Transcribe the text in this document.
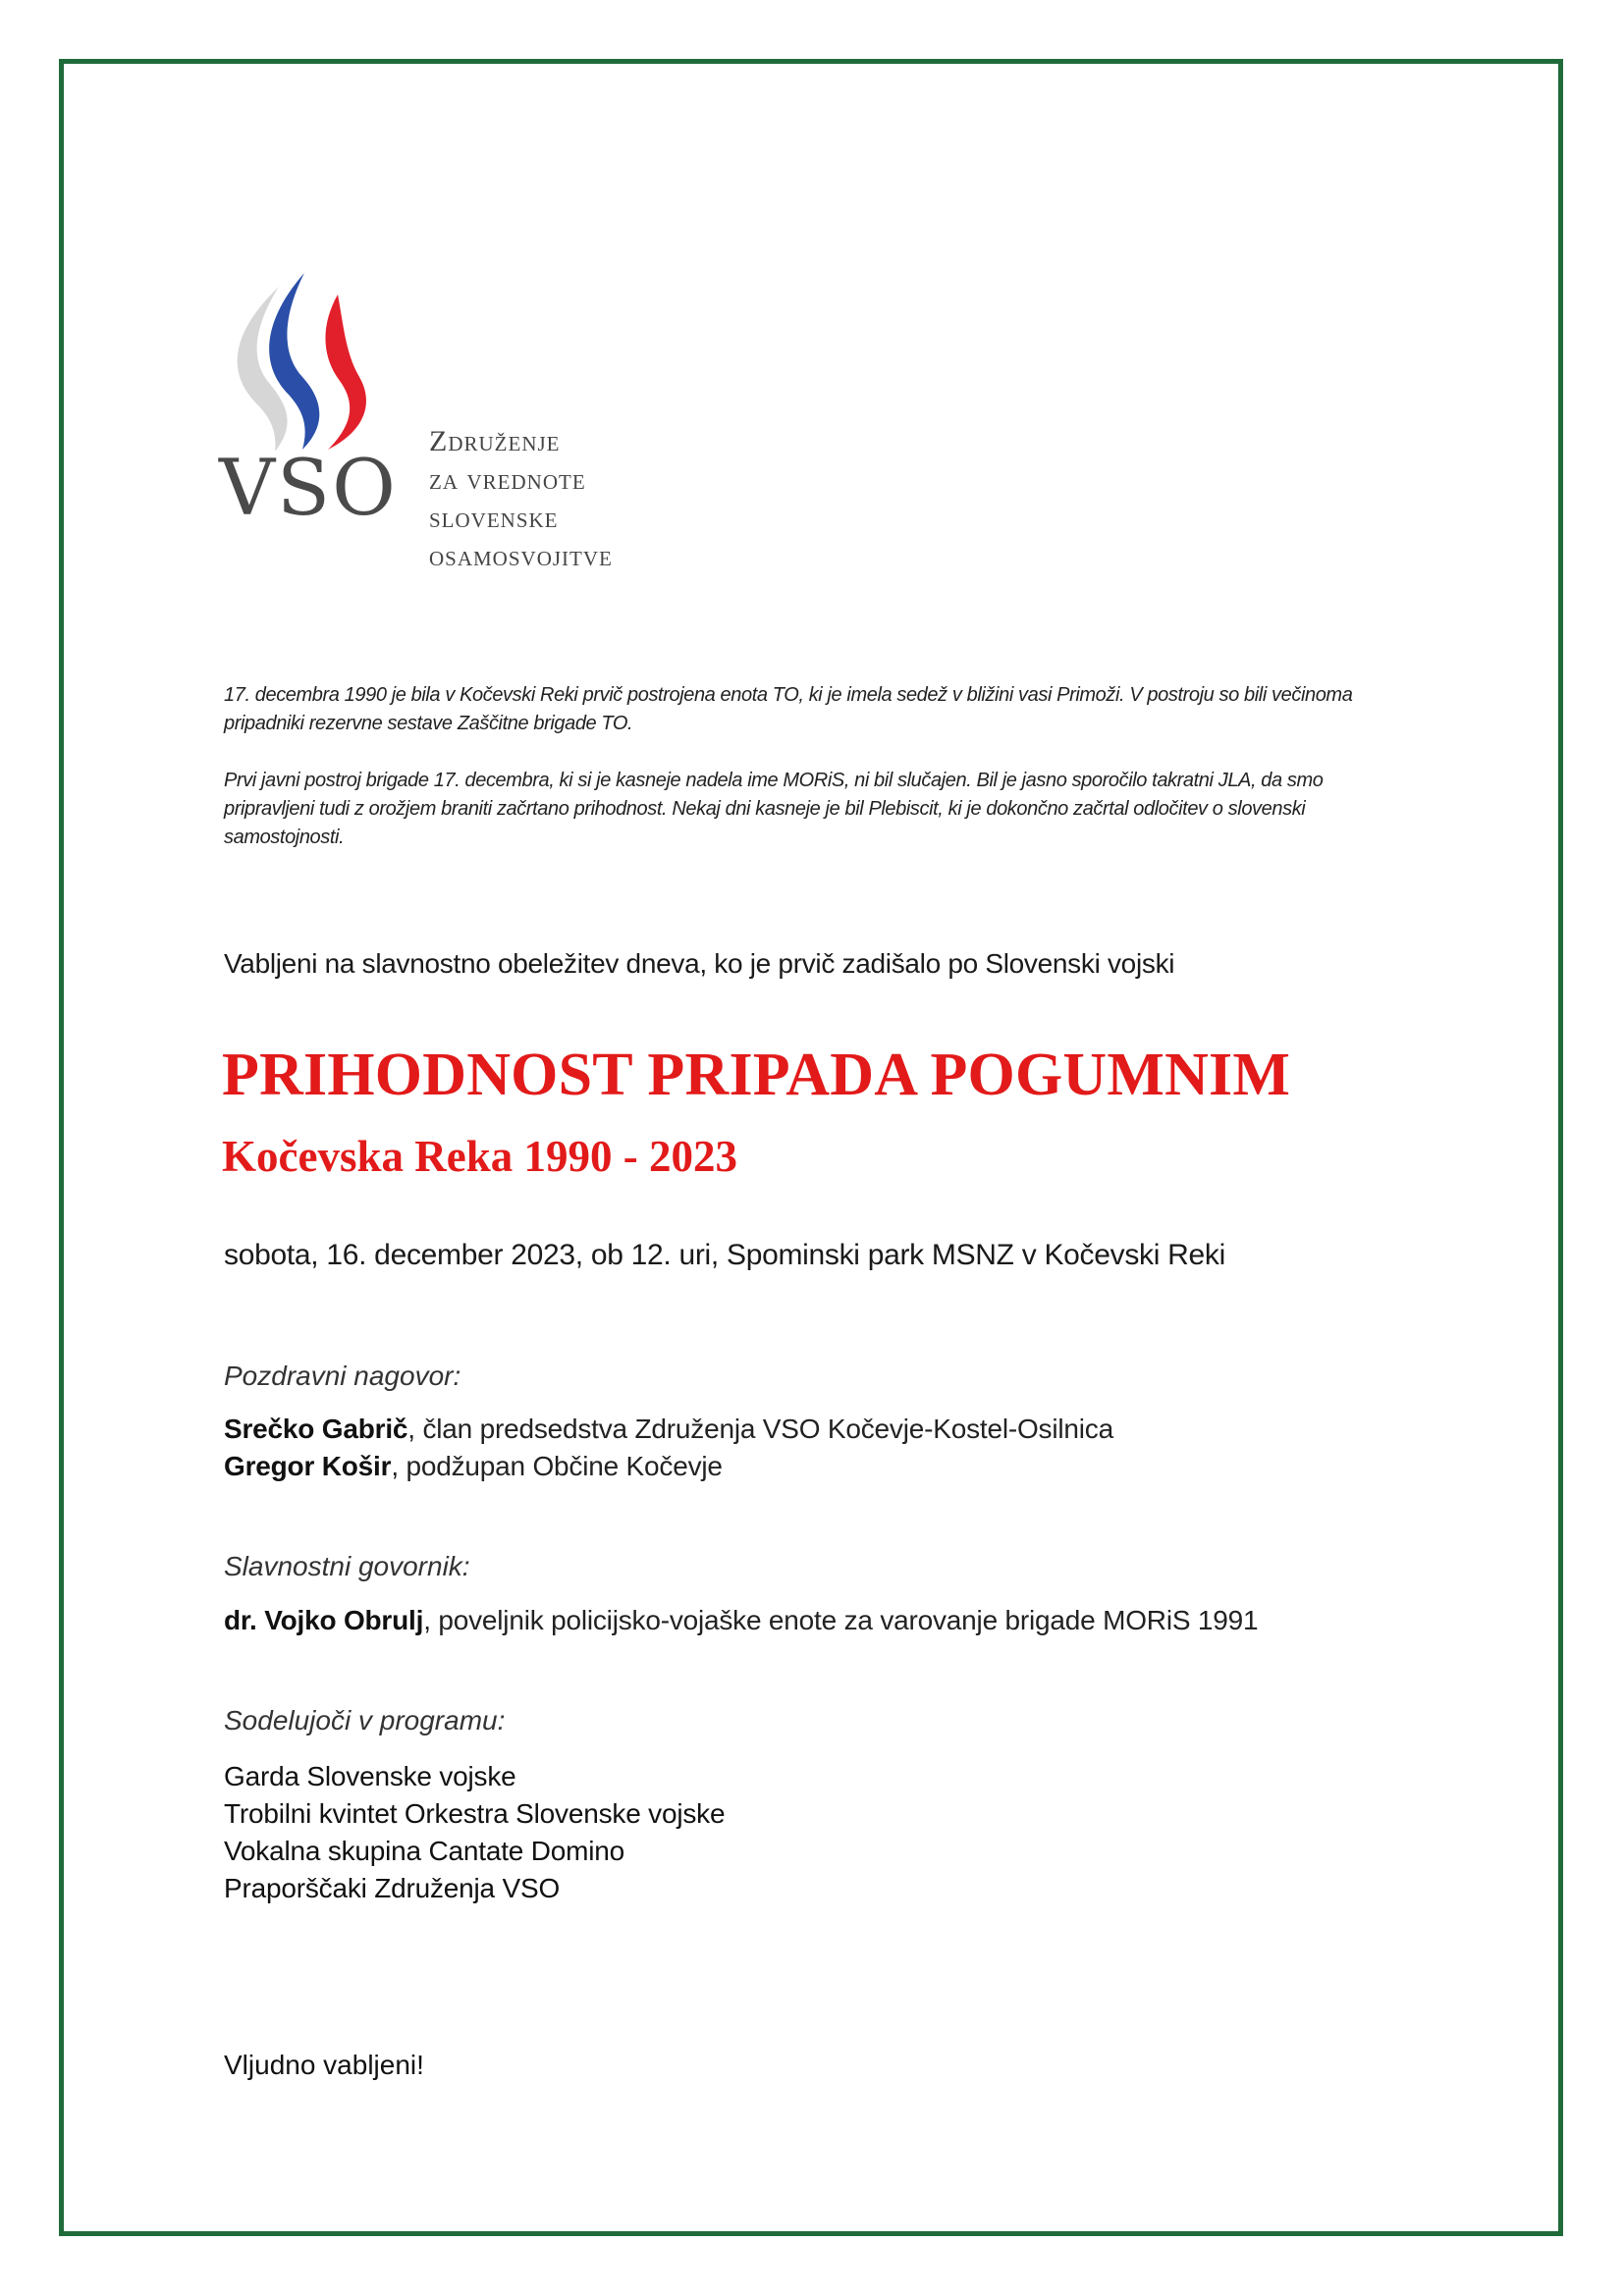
VSO
Združenje
za vrednote
slovenske
osamosvojitve

17. decembra 1990 je bila v Kočevski Reki prvič postrojena enota TO, ki je imela sedež v bližini vasi Primoži. V postroju so bili večinoma pripadniki rezervne sestave Zaščitne brigade TO.

Prvi javni postroj brigade 17. decembra, ki si je kasneje nadela ime MORiS, ni bil slučajen. Bil je jasno sporočilo takratni JLA, da smo pripravljeni tudi z orožjem braniti začrtano prihodnost. Nekaj dni kasneje je bil Plebiscit, ki je dokončno začrtal odločitev o slovenski samostojnosti.

Vabljeni na slavnostno obeležitev dneva, ko je prvič zadišalo po Slovenski vojski
PRIHODNOST PRIPADA POGUMNIM
Kočevska Reka 1990 - 2023
sobota, 16. december 2023, ob 12. uri, Spominski park MSNZ v Kočevski Reki
Pozdravni nagovor:
Srečko Gabrič, član predsedstva Združenja VSO Kočevje-Kostel-Osilnica
Gregor Košir, podžupan Občine Kočevje
Slavnostni govornik:
dr. Vojko Obrulj, poveljnik policijsko-vojaške enote za varovanje brigade MORiS 1991
Sodelujoči v programu:
Garda Slovenske vojske
Trobilni kvintet Orkestra Slovenske vojske
Vokalna skupina Cantate Domino
Praporščaki Združenja VSO
Vljudno vabljeni!
